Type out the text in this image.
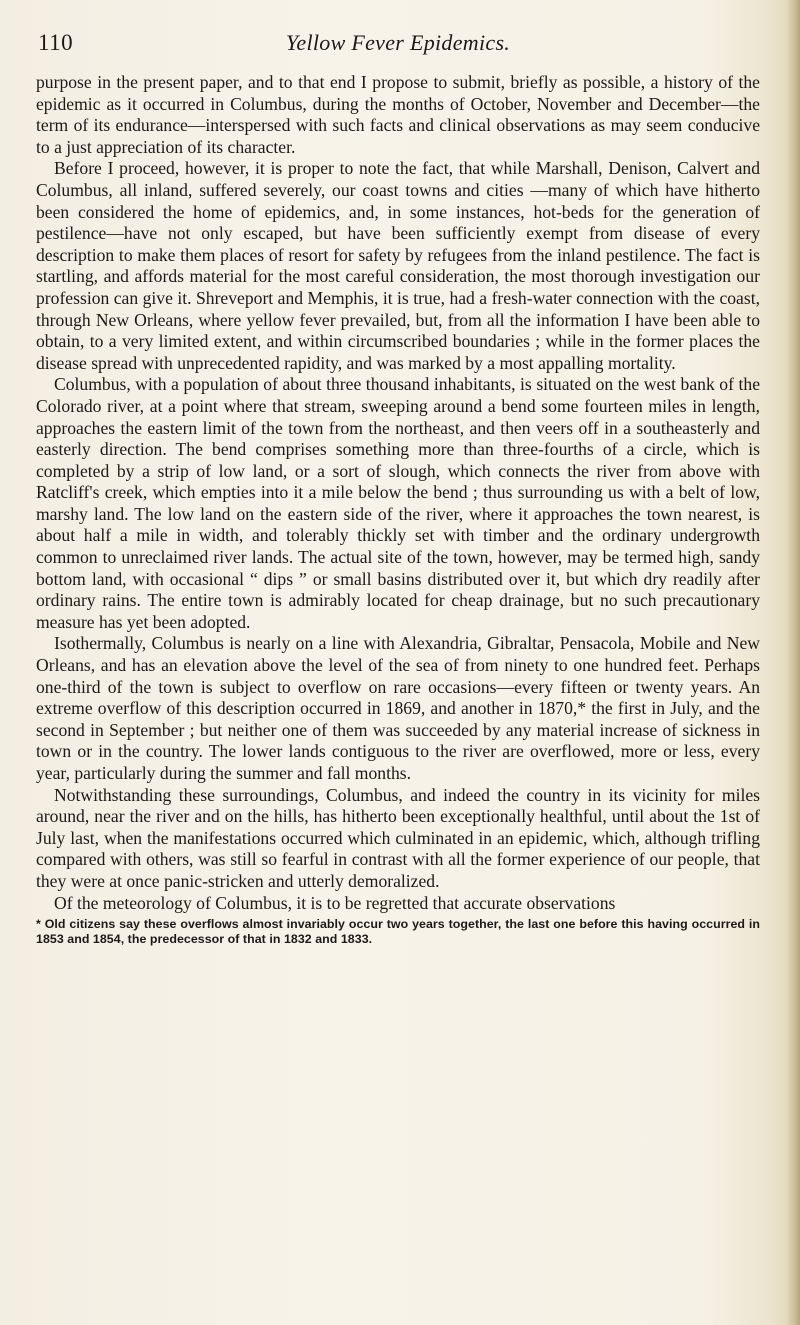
110	Yellow Fever Epidemics.

purpose in the present paper, and to that end I propose to submit, briefly as possible, a history of the epidemic as it occurred in Columbus, during the months of October, November and December—the term of its endurance—interspersed with such facts and clinical observations as may seem conducive to a just appreciation of its character.

Before I proceed, however, it is proper to note the fact, that while Marshall, Denison, Calvert and Columbus, all inland, suffered severely, our coast towns and cities —many of which have hitherto been considered the home of epidemics, and, in some instances, hot-beds for the generation of pestilence—have not only escaped, but have been sufficiently exempt from disease of every description to make them places of resort for safety by refugees from the inland pestilence. The fact is startling, and affords material for the most careful consideration, the most thorough investigation our profession can give it. Shreveport and Memphis, it is true, had a fresh-water connection with the coast, through New Orleans, where yellow fever prevailed, but, from all the information I have been able to obtain, to a very limited extent, and within circumscribed boundaries ; while in the former places the disease spread with unprecedented rapidity, and was marked by a most appalling mortality.

Columbus, with a population of about three thousand inhabitants, is situated on the west bank of the Colorado river, at a point where that stream, sweeping around a bend some fourteen miles in length, approaches the eastern limit of the town from the northeast, and then veers off in a southeasterly and easterly direction. The bend comprises something more than three-fourths of a circle, which is completed by a strip of low land, or a sort of slough, which connects the river from above with Ratcliff's creek, which empties into it a mile below the bend ; thus surrounding us with a belt of low, marshy land. The low land on the eastern side of the river, where it approaches the town nearest, is about half a mile in width, and tolerably thickly set with timber and the ordinary undergrowth common to unreclaimed river lands. The actual site of the town, however, may be termed high, sandy bottom land, with occasional “ dips ” or small basins distributed over it, but which dry readily after ordinary rains. The entire town is admirably located for cheap drainage, but no such precautionary measure has yet been adopted.

Isothermally, Columbus is nearly on a line with Alexandria, Gibraltar, Pensacola, Mobile and New Orleans, and has an elevation above the level of the sea of from ninety to one hundred feet. Perhaps one-third of the town is subject to overflow on rare occasions—every fifteen or twenty years. An extreme overflow of this description occurred in 1869, and another in 1870,* the first in July, and the second in September ; but neither one of them was succeeded by any material increase of sickness in town or in the country. The lower lands contiguous to the river are overflowed, more or less, every year, particularly during the summer and fall months.

Notwithstanding these surroundings, Columbus, and indeed the country in its vicinity for miles around, near the river and on the hills, has hitherto been exceptionally healthful, until about the 1st of July last, when the manifestations occurred which culminated in an epidemic, which, although trifling compared with others, was still so fearful in contrast with all the former experience of our people, that they were at once panic-stricken and utterly demoralized.

Of the meteorology of Columbus, it is to be regretted that accurate observations

* Old citizens say these overflows almost invariably occur two years together, the last one before this having occurred in 1853 and 1854, the predecessor of that in 1832 and 1833.
